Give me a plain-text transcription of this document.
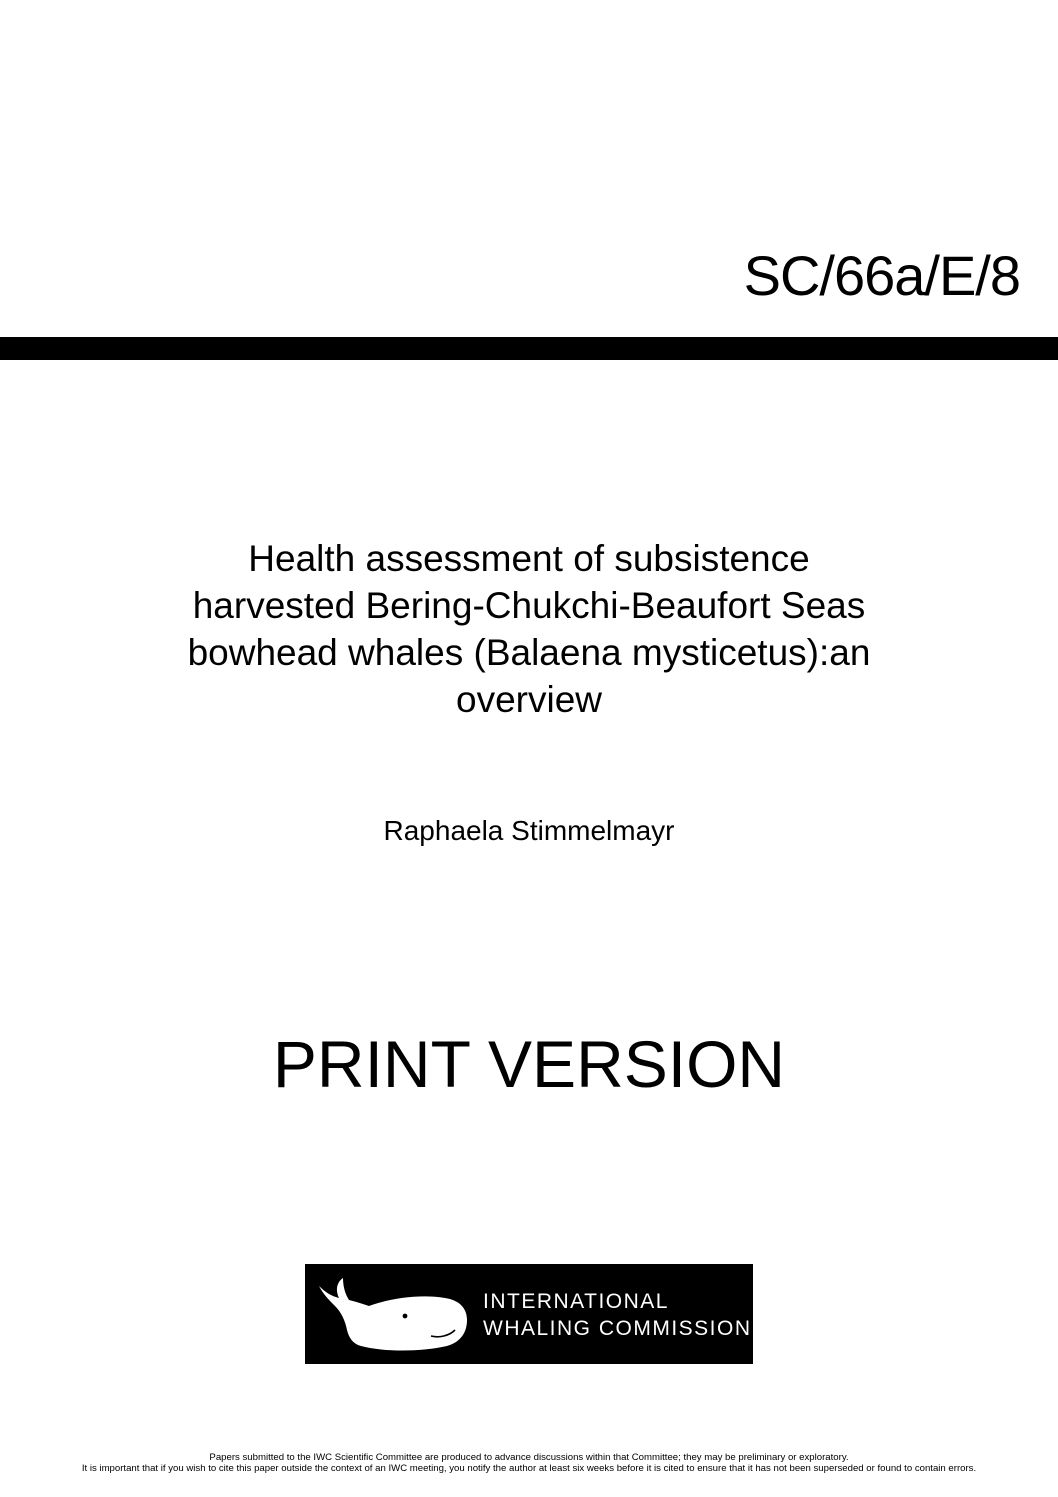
SC/66a/E/8
Health assessment of subsistence
harvested Bering-Chukchi-Beaufort Seas
bowhead whales (Balaena mysticetus):an
overview
Raphaela Stimmelmayr
PRINT VERSION
INTERNATIONAL
WHALING COMMISSION
Papers submitted to the IWC Scientific Committee are produced to advance discussions within that Committee; they may be preliminary or exploratory.
It is important that if you wish to cite this paper outside the context of an IWC meeting, you notify the author at least six weeks before it is cited to ensure that it has not been superseded or found to contain errors.
